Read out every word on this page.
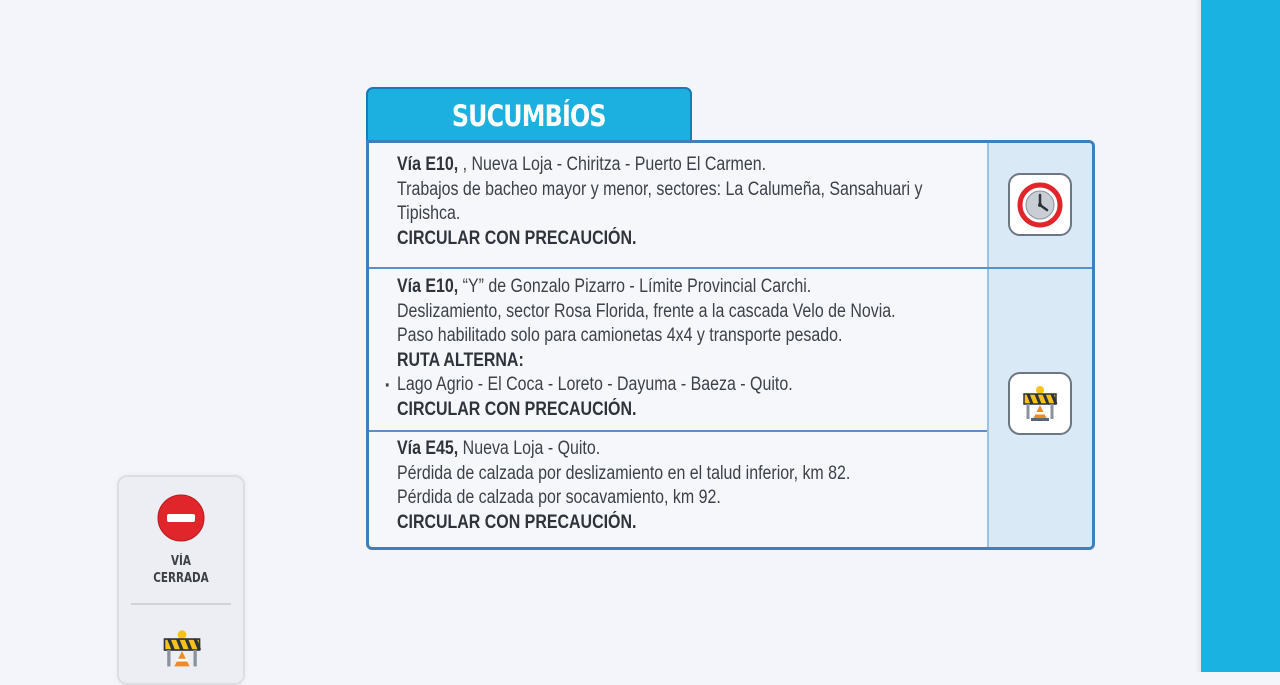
SUCUMBÍOS
Vía E10, , Nueva Loja - Chiritza - Puerto El Carmen.
Trabajos de bacheo mayor y menor, sectores: La Calumeña, Sansahuari y
Tipishca.
CIRCULAR CON PRECAUCIÓN.
Vía E10, “Y” de Gonzalo Pizarro - Límite Provincial Carchi.
Deslizamiento, sector Rosa Florida, frente a la cascada Velo de Novia.
Paso habilitado solo para camionetas 4x4 y transporte pesado.
RUTA ALTERNA:
▪ Lago Agrio - El Coca - Loreto - Dayuma - Baeza - Quito.
CIRCULAR CON PRECAUCIÓN.
Vía E45, Nueva Loja - Quito.
Pérdida de calzada por deslizamiento en el talud inferior, km 82.
Pérdida de calzada por socavamiento, km 92.
CIRCULAR CON PRECAUCIÓN.
VÍA
CERRADA
